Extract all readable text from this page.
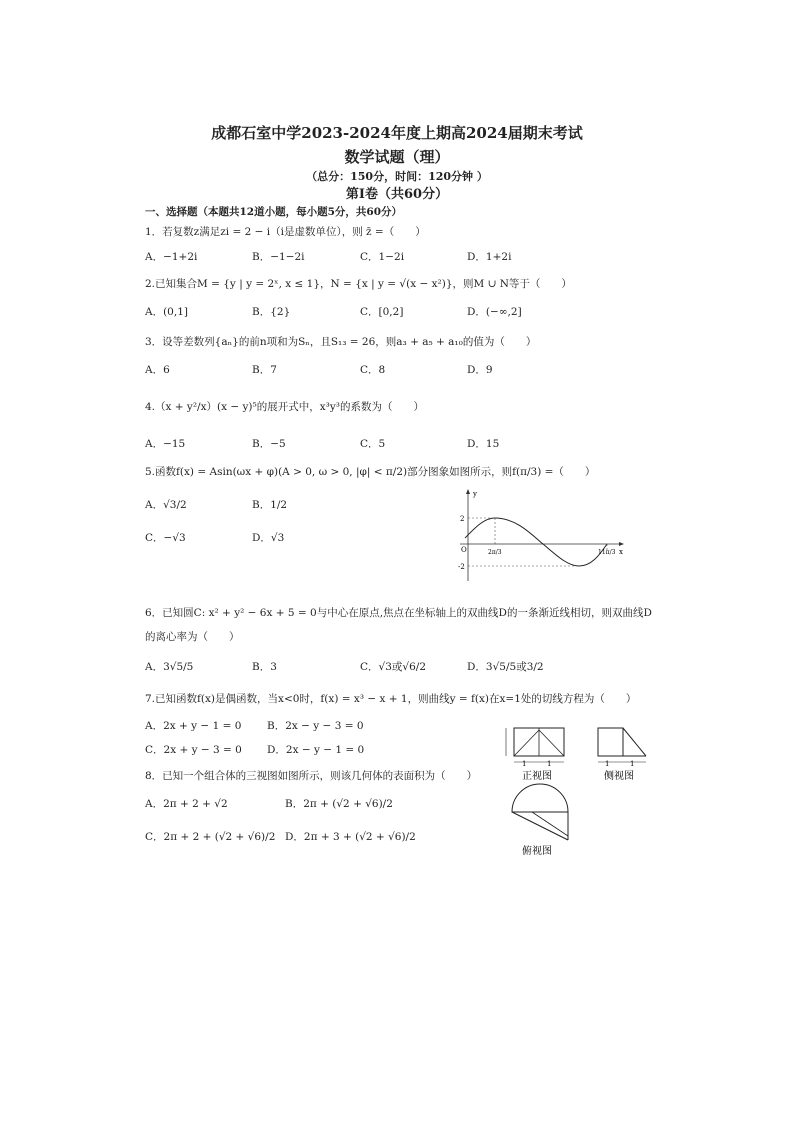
成都石室中学2023-2024年度上期高2024届期末考试
数学试题（理）
（总分：150分，时间：120分钟 ）
第Ⅰ卷（共60分）
一、选择题（本题共12道小题，每小题5分，共60分）
1．若复数z满足zi = 2 − i（i是虚数单位），则 z̄ =（　　）
A．−1+2i	B．−1−2i	C．1−2i	D．1+2i
2.已知集合M = {y | y = 2ˣ, x ≤ 1}，N = {x | y = √(x − x²)}，则M ∪ N等于（　　）
A．(0,1]	B．{2}	C．[0,2]	D．(−∞,2]
3．设等差数列{aₙ}的前n项和为Sₙ，且S₁₃ = 26，则a₃ + a₅ + a₁₀的值为（　　）
A．6	B．7	C．8	D．9
4.（x + y²/x）(x − y)⁵的展开式中，x³y³的系数为（　　）
A．−15	B．−5	C．5	D．15
5.函数f(x) = Asin(ωx + φ)(A > 0, ω > 0, |φ| < π/2)部分图象如图所示，则f(π/3) =（　　）
A．√3/2	B．1/2
C．−√3	D．√3
y
x
O
2
-2
2π/3	11π/3
6．已知圆C: x² + y² − 6x + 5 = 0与中心在原点,焦点在坐标轴上的双曲线D的一条渐近线相切，则双曲线D
的离心率为（　　）
A．3√5/5	B．3	C．√3或√6/2	D．3√5/5或3/2
7.已知函数f(x)是偶函数，当x<0时，f(x) = x³ − x + 1，则曲线y = f(x)在x=1处的切线方程为（　　）
A．2x + y − 1 = 0 B．2x − y − 3 = 0
C．2x + y − 3 = 0 D．2x − y − 1 = 0
8．已知一个组合体的三视图如图所示，则该几何体的表面积为（　　）
A．2π + 2 + √2	B．2π + (√2 + √6)/2
C．2π + 2 + (√2 + √6)/2 D．2π + 3 + (√2 + √6)/2
1	1
正视图
1	1
侧视图
俯视图
